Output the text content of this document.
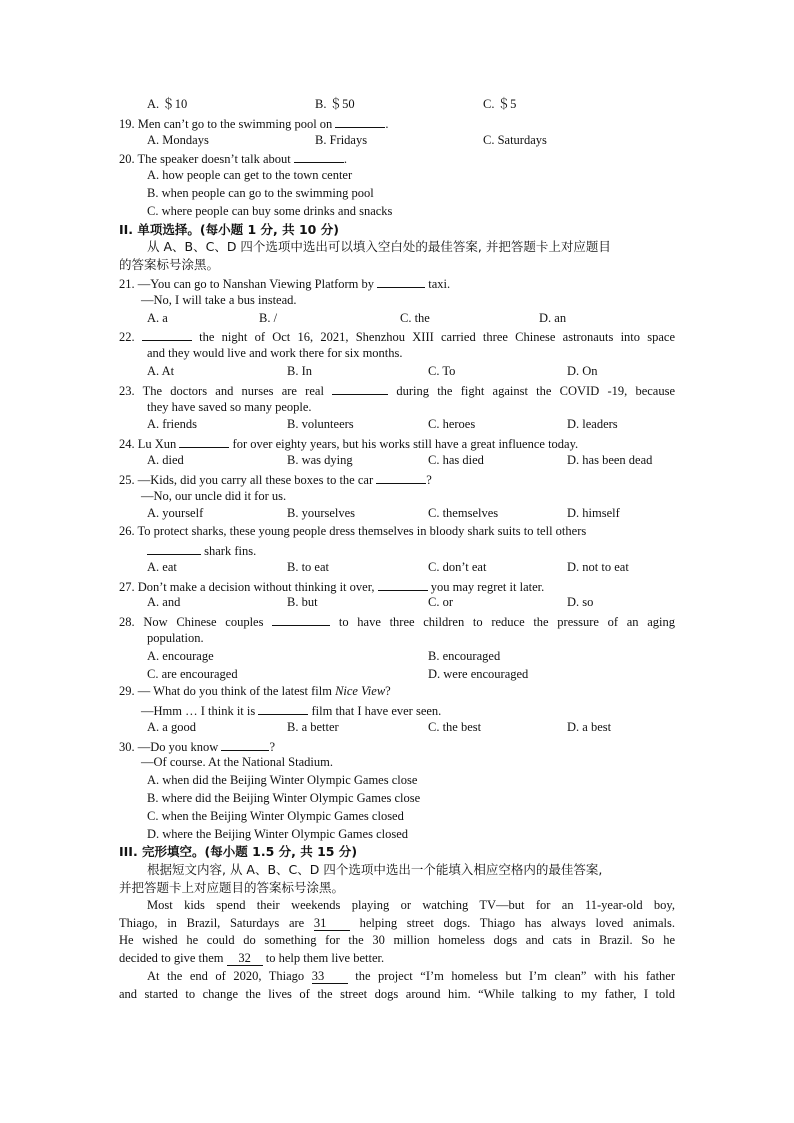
A. ＄10	B. ＄50	C. ＄5
19. Men can’t go to the swimming pool on	.
A. Mondays	B. Fridays	C. Saturdays
20. The speaker doesn’t talk about	.
A. how people can get to the town center
B. when people can go to the swimming pool
C. where people can buy some drinks and snacks
II. 单项选择。(每小题 1 分, 共 10 分)
从 A、B、C、D 四个选项中选出可以填入空白处的最佳答案, 并把答题卡上对应题目
的答案标号涂黑。
21. —You can go to Nanshan Viewing Platform by	taxi.
—No, I will take a bus instead.
A. a	B. /	C. the	D. an
22.	the night of Oct 16, 2021, Shenzhou XIII carried three Chinese astronauts into space
and they would live and work there for six months.
A. At	B. In	C. To	D. On
23. The doctors and nurses are real	during the fight against the COVID -19, because
they have saved so many people.
A. friends	B. volunteers	C. heroes	D. leaders
24. Lu Xun	for over eighty years, but his works still have a great influence today.
A. died	B. was dying	C. has died	D. has been dead
25. —Kids, did you carry all these boxes to the car	?
—No, our uncle did it for us.
A. yourself	B. yourselves	C. themselves	D. himself
26. To protect sharks, these young people dress themselves in bloody shark suits to tell others
shark fins.
A. eat	B. to eat	C. don’t eat	D. not to eat
27. Don’t make a decision without thinking it over,	you may regret it later.
A. and	B. but	C. or	D. so
28. Now Chinese couples	to have three children to reduce the pressure of an aging
population.
A. encourage	B. encouraged
C. are encouraged	D. were encouraged
29. — What do you think of the latest film Nice View?
—Hmm … I think it is	film that I have ever seen.
A. a good	B. a better	C. the best	D. a best
30. —Do you know	?
—Of course. At the National Stadium.
A. when did the Beijing Winter Olympic Games close
B. where did the Beijing Winter Olympic Games close
C. when the Beijing Winter Olympic Games closed
D. where the Beijing Winter Olympic Games closed
III. 完形填空。(每小题 1.5 分, 共 15 分)
根据短文内容, 从 A、B、C、D 四个选项中选出一个能填入相应空格内的最佳答案,
并把答题卡上对应题目的答案标号涂黑。
Most kids spend their weekends playing or watching TV—but for an 11-year-old boy,
Thiago, in Brazil, Saturdays are 31	helping street dogs. Thiago has always loved animals.
He wished he could do something for the 30 million homeless dogs and cats in Brazil. So he
decided to give them 32 to help them live better.
At the end of 2020, Thiago 33 the project “I’m homeless but I’m clean” with his father
and started to change the lives of the street dogs around him. “While talking to my father, I told
